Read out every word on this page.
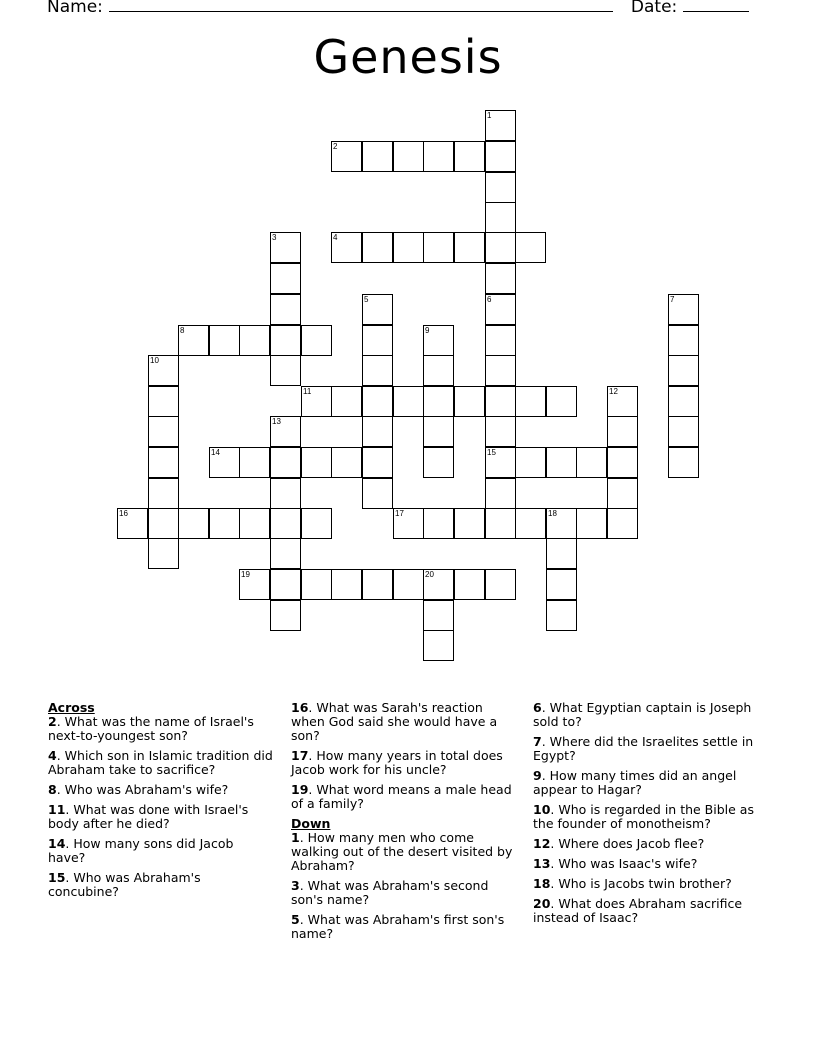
Name:	Date:
Genesis
1
2
3	4
5	6	7
8	9
10
11	12
13
14	15
16	17	18
19	20
Across
2. What was the name of Israel's next-to-youngest son?
4. Which son in Islamic tradition did Abraham take to sacrifice?
8. Who was Abraham's wife?
11. What was done with Israel's body after he died?
14. How many sons did Jacob have?
15. Who was Abraham's concubine?
16. What was Sarah's reaction when God said she would have a son?
17. How many years in total does Jacob work for his uncle?
19. What word means a male head of a family?
Down
1. How many men who come walking out of the desert visited by Abraham?
3. What was Abraham's second son's name?
5. What was Abraham's first son's name?
6. What Egyptian captain is Joseph sold to?
7. Where did the Israelites settle in Egypt?
9. How many times did an angel appear to Hagar?
10. Who is regarded in the Bible as the founder of monotheism?
12. Where does Jacob flee?
13. Who was Isaac's wife?
18. Who is Jacobs twin brother?
20. What does Abraham sacrifice instead of Isaac?
